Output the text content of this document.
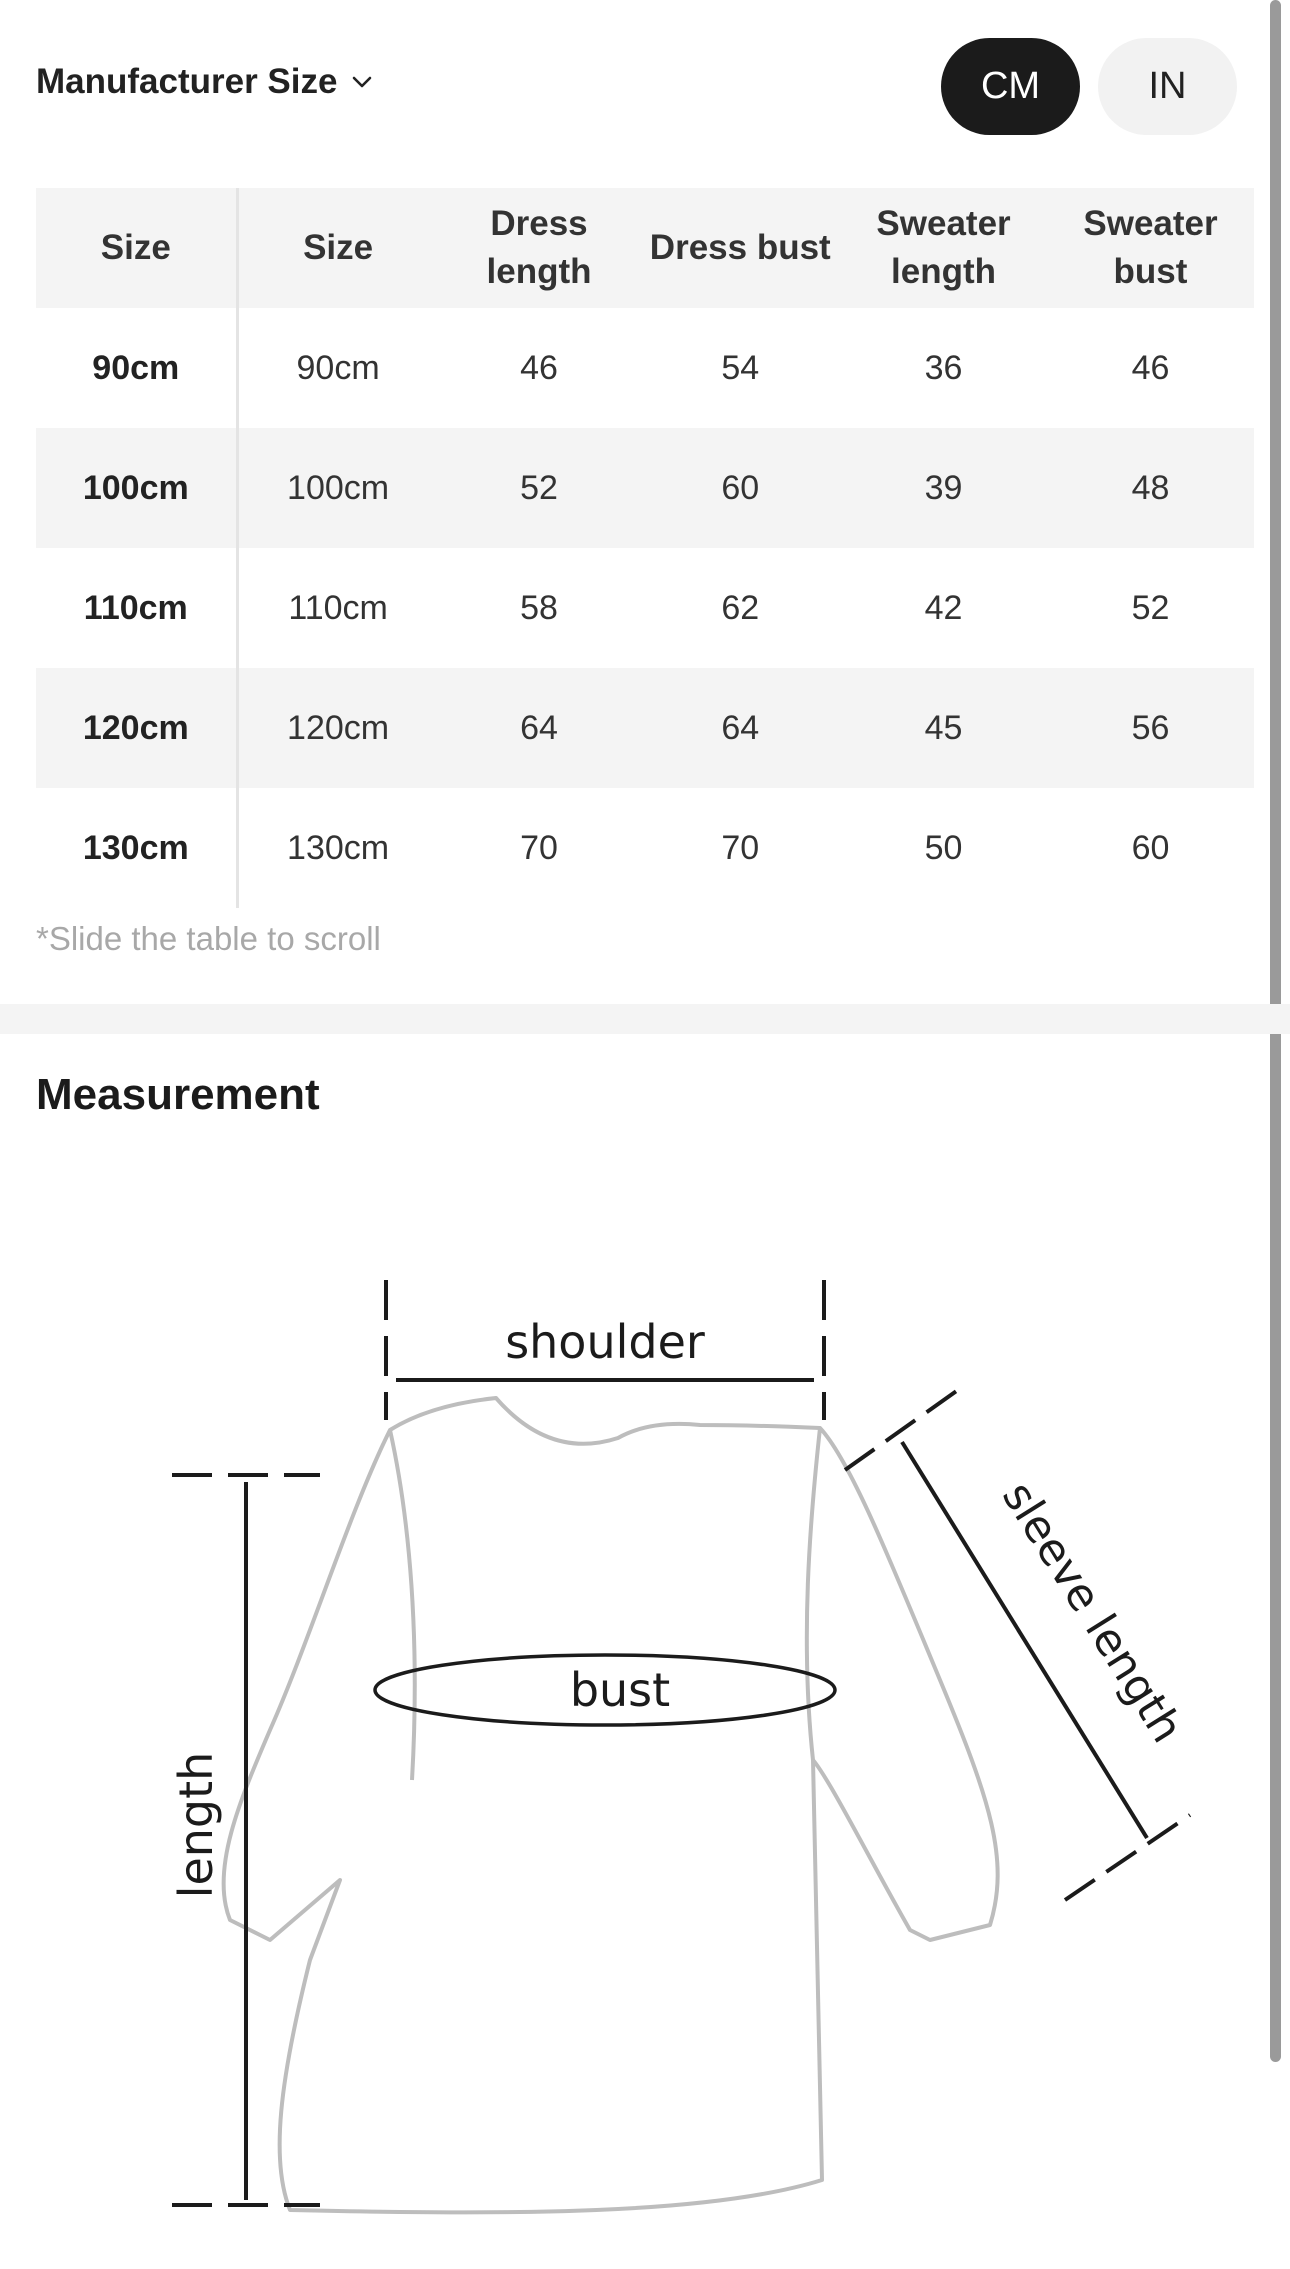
Manufacturer Size	CM	IN
Size	Size	Dress length	Dress bust	Sweater length	Sweater bust

90cm	90cm	46	54	36	46
100cm	100cm	52	60	39	48
110cm	110cm	58	62	42	52
120cm	120cm	64	64	45	56
130cm	130cm	70	70	50	60
*Slide the table to scroll
Measurement
shoulder
bust
length
sleeve length
